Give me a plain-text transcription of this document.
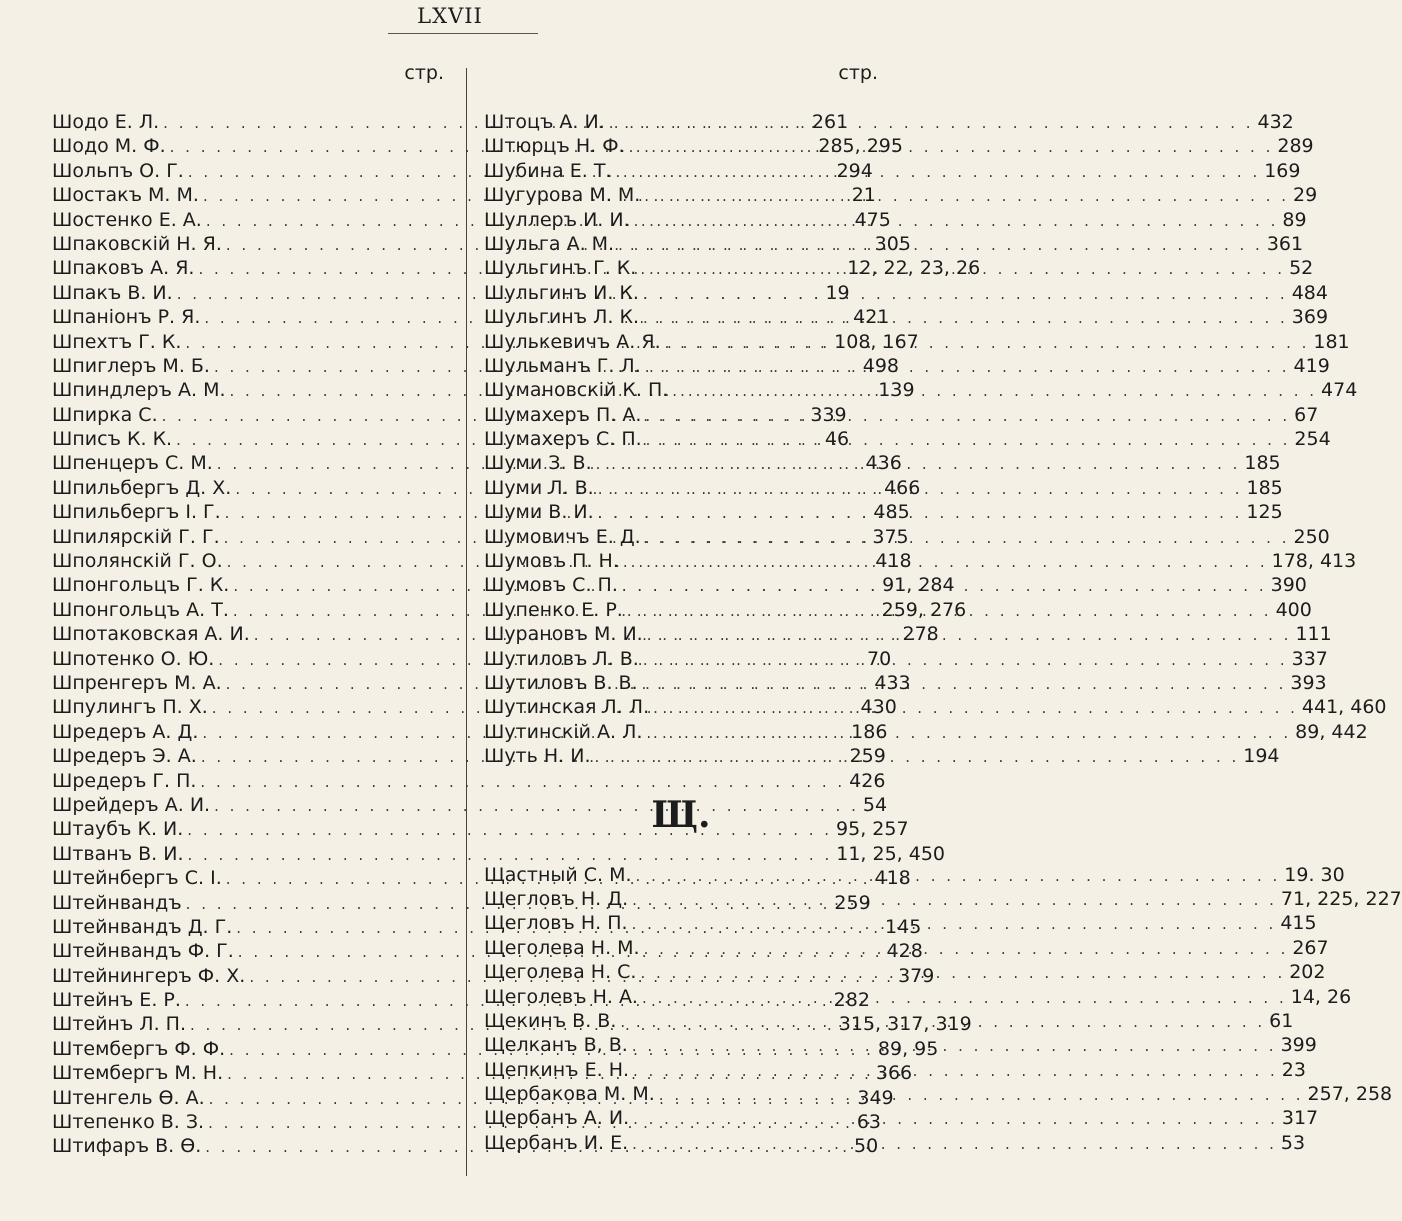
LXVII
стр.
Шодо Е. Л. . . .	261
Шодо М. Ф. . . .	285, 295
Шольпъ О. Г. . . .	294
Шостакъ М. М. . . .	21
Шостенко Е. А. . . .	475
Шпаковскій Н. Я. . . .	305
Шпаковъ А. Я. . . .	12, 22, 23, 26
Шпакъ В. И. . . .	19
Шпаніонъ Р. Я. . . .	421
Шпехтъ Г. К. . . .	108, 167
Шпиглеръ М. Б. . . .	498
Шпиндлеръ А. М. . . .	139
Шпирка С. . . .	339
Шписъ К. К. . . .	46
Шпенцеръ С. М. . . .	436
Шпильбергъ Д. Х. . . .	466
Шпильбергъ І. Г. . . .	485
Шпилярскій Г. Г. . . .	375
Шполянскій Г. О. . . .	418
Шпонгольцъ Г. К. . . .	91, 284
Шпонгольцъ А. Т. . . .	259, 276
Шпотаковская А. И. . . .	278
Шпотенко О. Ю. . . .	70
Шпренгеръ М. А. . . .	433
Шпулингъ П. Х. . . .	430
Шредеръ А. Д. . . .	186
Шредеръ Э. А. . . .	259
Шредеръ Г. П. . . .	426
Шрейдеръ А. И. . . .	54
Штаубъ К. И. . . .	95, 257
Штванъ В. И. . . .	11, 25, 450
Штейнбергъ С. І. . . .	418
Штейнвандъ . . .	259
Штейнвандъ Д. Г. . . .	145
Штейнвандъ Ф. Г. . . .	428
Штейнингеръ Ф. Х. . . .	379
Штейнъ Е. Р. . . .	282
Штейнъ Л. П. . . .	315, 317, 319
Штембергъ Ф. Ф. . . .	89, 95
Штембергъ М. Н. . . .	366
Штенгель Ѳ. А. . . .	349
Штепенко В. З. . . .	63
Штифаръ В. Ѳ. . . .	50
стр.
Штоцъ А. И. . . .	432
Штюрцъ Н. Ф. . . .	289
Шубина Е. Т. . . .	169
Шугурова М. М. . . .	29
Шуллеръ И. И. . . .	89
Шульга А. М. . . .	361
Шульгинъ Г. К. . . .	52
Шульгинъ И. К. . . .	484
Шульгинъ Л. К. . . .	369
Шулькевичъ А. Я. . . .	181
Шульманъ Г. Л. . . .	419
Шумановскій К. П. . . .	474
Шумахеръ П. А. . . .	67
Шумахеръ С. П. . . .	254
Шуми З. В. . . .	185
Шуми Л. В. . . .	185
Шуми В. И. . . .	125
Шумовичъ Е. Д. . . .	250
Шумовъ П. Н. . . .	178, 413
Шумовъ С. П. . . .	390
Шупенко Е. Р. . . .	400
Шурановъ М. И. . . .	111
Шутиловъ Л. В. . . .	337
Шутиловъ В. В. . . .	393
Шутинская Л. Л. . . .	441, 460
Шутинскій А. Л. . . .	89, 442
Шуть Н. И. . . .	194
Щ.
Щастный С. М. . . .	19. 30
Щегловъ Н. Д. . . .	71, 225, 227
Щегловъ Н. П. . . .	415
Щеголева Н. М. . . .	267
Щеголева Н. С. . . .	202
Щеголевъ Н. А. . . .	14, 26
Щекинъ В. В. . . .	61
Щелканъ В, В. . . .	399
Щепкинъ Е. Н. . . .	23
Щербакова М. М. . . .	257, 258
Щербанъ А. И. . . .	317
Щербанъ И. Е. . . .	53
